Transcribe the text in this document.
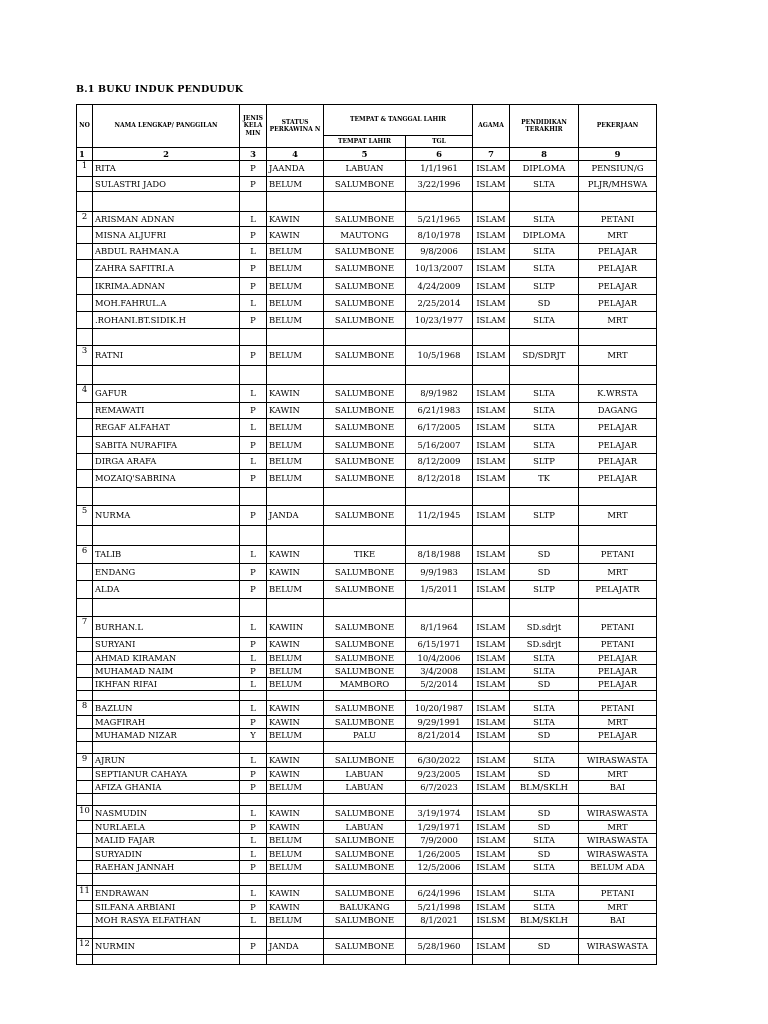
B.1 BUKU INDUK PENDUDUK
NO	NAMA LENGKAP/ PANGGILAN	JENIS KELA MIN	STATUS PERKAWINA N	TEMPAT & TANGGAL LAHIR		AGAMA	PENDIDIKAN TERAKHIR	PEKERJAAN
				TEMPAT LAHIR	TGL			
1	2	3	4	5	6	7	8	9
1	RITA	P	JAANDA	LABUAN	1/1/1961	ISLAM	DIPLOMA	PENSIUN/G
	SULASTRI JADO	P	BELUM	SALUMBONE	3/22/1996	ISLAM	SLTA	PLJR/MHSWA

2	ARISMAN ADNAN	L	KAWIN	SALUMBONE	5/21/1965	ISLAM	SLTA	PETANI
	MISNA ALJUFRI	P	KAWIN	MAUTONG	8/10/1978	ISLAM	DIPLOMA	MRT
	ABDUL RAHMAN.A	L	BELUM	SALUMBONE	9/8/2006	ISLAM	SLTA	PELAJAR
	ZAHRA SAFITRI.A	P	BELUM	SALUMBONE	10/13/2007	ISLAM	SLTA	PELAJAR
	IKRIMA.ADNAN	P	BELUM	SALUMBONE	4/24/2009	ISLAM	SLTP	PELAJAR
	MOH.FAHRUL.A	L	BELUM	SALUMBONE	2/25/2014	ISLAM	SD	PELAJAR
	.ROHANI.BT.SIDIK.H	P	BELUM	SALUMBONE	10/23/1977	ISLAM	SLTA	MRT

3	RATNI	P	BELUM	SALUMBONE	10/5/1968	ISLAM	SD/SDRJT	MRT

4	GAFUR	L	KAWIN	SALUMBONE	8/9/1982	ISLAM	SLTA	K.WRSTA
	REMAWATI	P	KAWIN	SALUMBONE	6/21/1983	ISLAM	SLTA	DAGANG
	REGAF ALFAHAT	L	BELUM	SALUMBONE	6/17/2005	ISLAM	SLTA	PELAJAR
	SABITA NURAFIFA	P	BELUM	SALUMBONE	5/16/2007	ISLAM	SLTA	PELAJAR
	DIRGA ARAFA	L	BELUM	SALUMBONE	8/12/2009	ISLAM	SLTP	PELAJAR
	MOZAIQ'SABRINA	P	BELUM	SALUMBONE	8/12/2018	ISLAM	TK	PELAJAR

5	NURMA	P	JANDA	SALUMBONE	11/2/1945	ISLAM	SLTP	MRT

6	TALIB	L	KAWIN	TIKE	8/18/1988	ISLAM	SD	PETANI
	ENDANG	P	KAWIN	SALUMBONE	9/9/1983	ISLAM	SD	MRT
	ALDA	P	BELUM	SALUMBONE	1/5/2011	ISLAM	SLTP	PELAJATR

7	BURHAN.L	L	KAWIIN	SALUMBONE	8/1/1964	ISLAM	SD.sdrjt	PETANI
	SURYANI	P	KAWIN	SALUMBONE	6/15/1971	ISLAM	SD.sdrjt	PETANI
	AHMAD KIRAMAN	L	BELUM	SALUMBONE	10/4/2006	ISLAM	SLTA	PELAJAR
	MUHAMAD NAIM	P	BELUM	SALUMBONE	3/4/2008	ISLAM	SLTA	PELAJAR
	IKHFAN RIFAI	L	BELUM	MAMBORO	5/2/2014	ISLAM	SD	PELAJAR

8	BAZLUN	L	KAWIN	SALUMBONE	10/20/1987	ISLAM	SLTA	PETANI
	MAGFIRAH	P	KAWIN	SALUMBONE	9/29/1991	ISLAM	SLTA	MRT
	MUHAMAD NIZAR	Y	BELUM	PALU	8/21/2014	ISLAM	SD	PELAJAR

9	AJRUN	L	KAWIN	SALUMBONE	6/30/2022	ISLAM	SLTA	WIRASWASTA
	SEPTIANUR CAHAYA	P	KAWIN	LABUAN	9/23/2005	ISLAM	SD	MRT
	AFIZA GHANIA	P	BELUM	LABUAN	6/7/2023	ISLAM	BLM/SKLH	BAI

10	NASMUDIN	L	KAWIN	SALUMBONE	3/19/1974	ISLAM	SD	WIRASWASTA
	NURLAELA	P	KAWIN	LABUAN	1/29/1971	ISLAM	SD	MRT
	MALID FAJAR	L	BELUM	SALUMBONE	7/9/2000	ISLAM	SLTA	WIRASWASTA
	SURYADIN	L	BELUM	SALUMBONE	1/26/2005	ISLAM	SD	WIRASWASTA
	RAEHAN JANNAH	P	BELUM	SALUMBONE	12/5/2006	ISLAM	SLTA	BELUM ADA

11	ENDRAWAN	L	KAWIN	SALUMBONE	6/24/1996	ISLAM	SLTA	PETANI
	SILFANA ARBIANI	P	KAWIN	BALUKANG	5/21/1998	ISLAM	SLTA	MRT
	MOH RASYA ELFATHAN	L	BELUM	SALUMBONE	8/1/2021	ISLSM	BLM/SKLH	BAI

12	NURMIN	P	JANDA	SALUMBONE	5/28/1960	ISLAM	SD	WIRASWASTA
